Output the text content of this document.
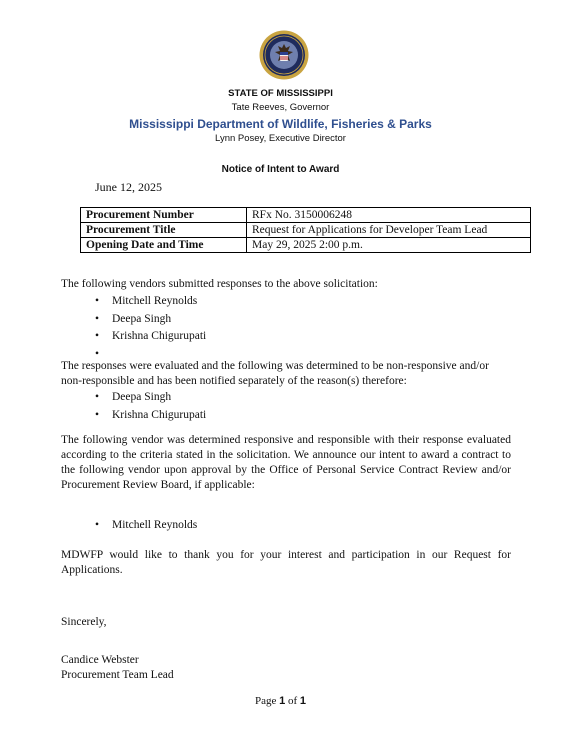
STATE OF MISSISSIPPI
Tate Reeves, Governor
Mississippi Department of Wildlife, Fisheries & Parks
Lynn Posey, Executive Director
Notice of Intent to Award
June 12, 2025
Procurement Number	RFx No. 3150006248
Procurement Title	Request for Applications for Developer Team Lead
Opening Date and Time	May 29, 2025 2:00 p.m.
The following vendors submitted responses to the above solicitation:
• Mitchell Reynolds
• Deepa Singh
• Krishna Chigurupati
•
The responses were evaluated and the following was determined to be non-responsive and/or non-responsible and has been notified separately of the reason(s) therefore:
• Deepa Singh
• Krishna Chigurupati
The following vendor was determined responsive and responsible with their response evaluated according to the criteria stated in the solicitation. We announce our intent to award a contract to the following vendor upon approval by the Office of Personal Service Contract Review and/or Procurement Review Board, if applicable:
• Mitchell Reynolds
MDWFP would like to thank you for your interest and participation in our Request for Applications.
Sincerely,
Candice Webster
Procurement Team Lead
Page 1 of 1
